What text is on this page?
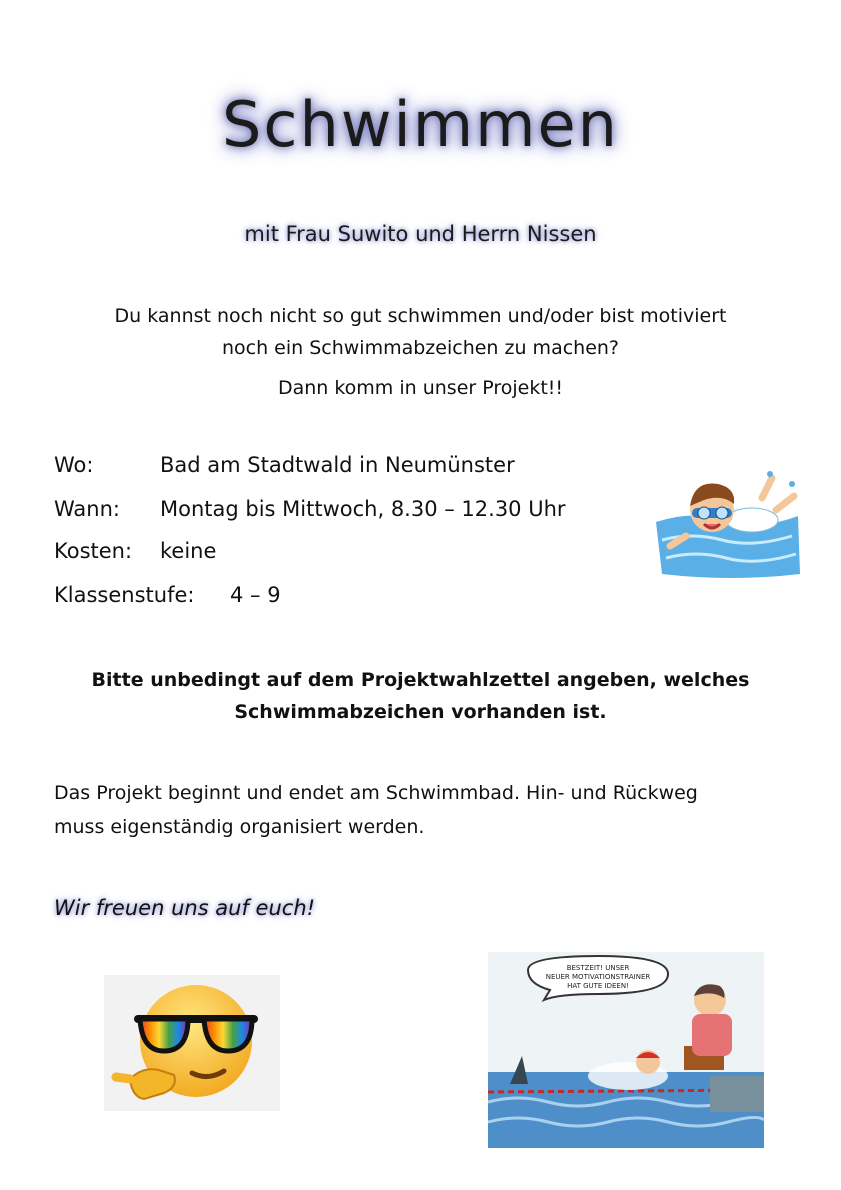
Schwimmen
mit Frau Suwito und Herrn Nissen
Du kannst noch nicht so gut schwimmen und/oder bist motiviert
noch ein Schwimmabzeichen zu machen?
Dann komm in unser Projekt!!
Wo:	Bad am Stadtwald in Neumünster
Wann: Montag bis Mittwoch, 8.30 – 12.30 Uhr
Kosten: keine
Klassenstufe: 4 – 9
Bitte unbedingt auf dem Projektwahlzettel angeben, welches
Schwimmabzeichen vorhanden ist.
Das Projekt beginnt und endet am Schwimmbad. Hin- und Rückweg
muss eigenständig organisiert werden.
Wir freuen uns auf euch!
BESTZEIT! UNSER
NEUER MOTIVATIONSTRAINER
HAT GUTE IDEEN!
